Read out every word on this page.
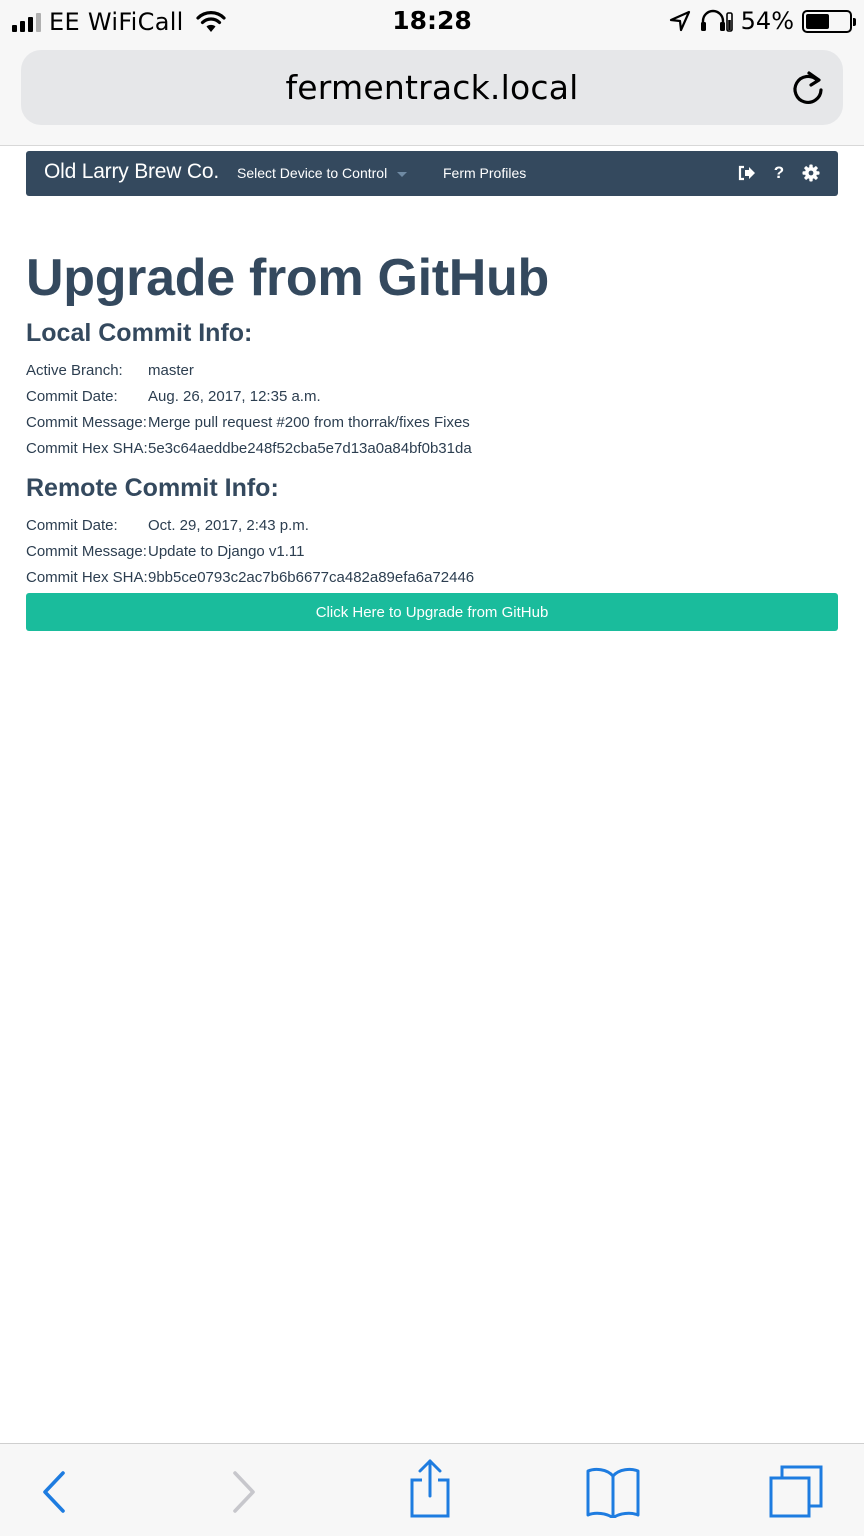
EE WiFiCall	18:28	54%
fermentrack.local
Old Larry Brew Co. Select Device to Control	Ferm Profiles	?
Upgrade from GitHub
Local Commit Info:
Active Branch:	master
Commit Date:	Aug. 26, 2017, 12:35 a.m.
Commit Message: Merge pull request #200 from thorrak/fixes Fixes
Commit Hex SHA: 5e3c64aeddbe248f52cba5e7d13a0a84bf0b31da
Remote Commit Info:
Commit Date:	Oct. 29, 2017, 2:43 p.m.
Commit Message: Update to Django v1.11
Commit Hex SHA: 9bb5ce0793c2ac7b6b6677ca482a89efa6a72446
Click Here to Upgrade from GitHub
